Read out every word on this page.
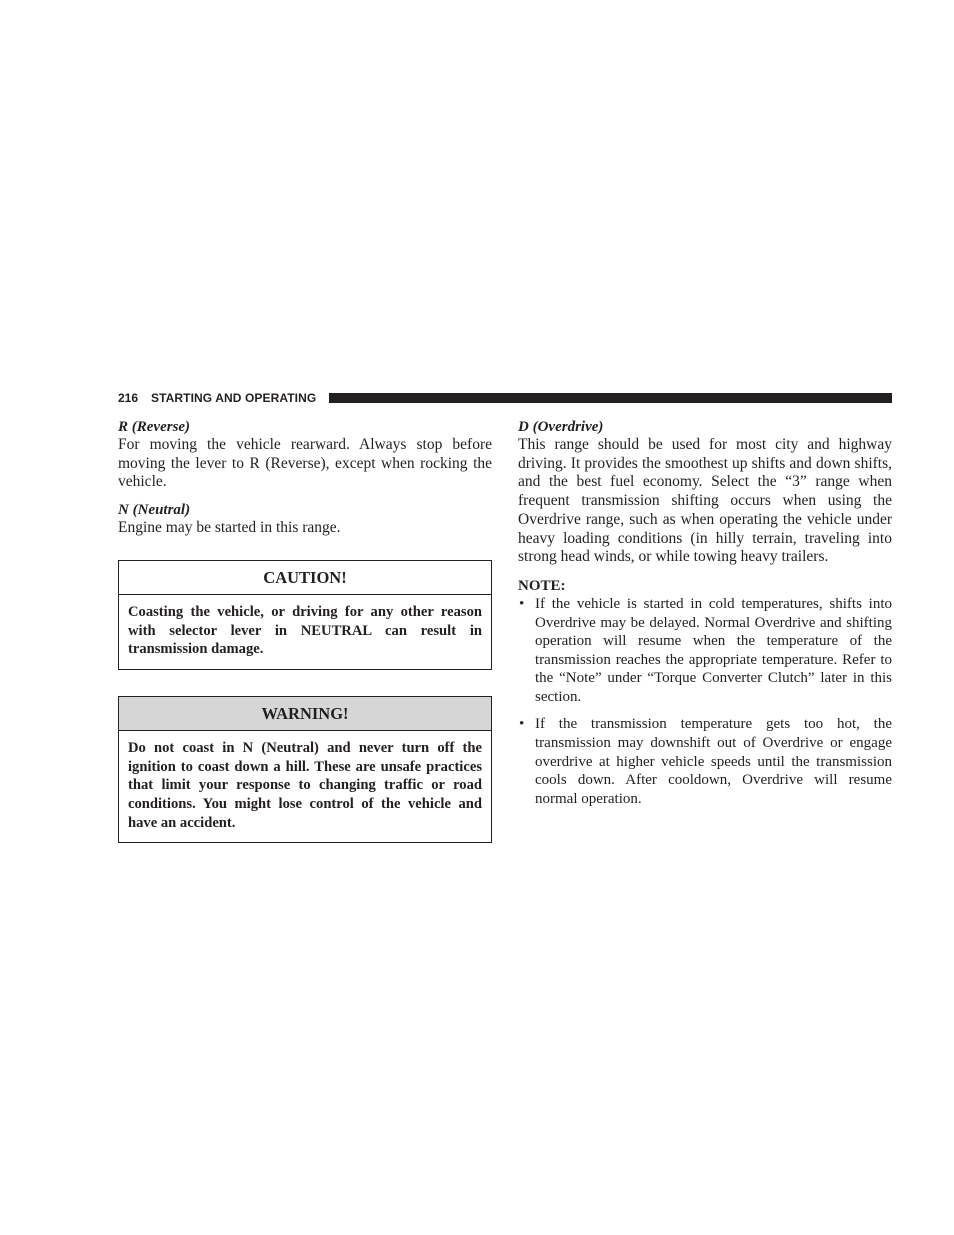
216 STARTING AND OPERATING

R (Reverse)

For moving the vehicle rearward. Always stop before moving the lever to R (Reverse), except when rocking the vehicle.

N (Neutral)

Engine may be started in this range.

CAUTION!
Coasting the vehicle, or driving for any other reason with selector lever in NEUTRAL can result in transmission damage.
WARNING!
Do not coast in N (Neutral) and never turn off the ignition to coast down a hill. These are unsafe practices that limit your response to changing traffic or road conditions. You might lose control of the vehicle and have an accident.

D (Overdrive)

This range should be used for most city and highway driving. It provides the smoothest up shifts and down shifts, and the best fuel economy. Select the “3” range when frequent transmission shifting occurs when using the Overdrive range, such as when operating the vehicle under heavy loading conditions (in hilly terrain, traveling into strong head winds, or while towing heavy trailers.

NOTE:

• If the vehicle is started in cold temperatures, shifts into Overdrive may be delayed. Normal Overdrive and shifting operation will resume when the temperature of the transmission reaches the appropriate temperature. Refer to the “Note” under “Torque Converter Clutch” later in this section.
• If the transmission temperature gets too hot, the transmission may downshift out of Overdrive or engage overdrive at higher vehicle speeds until the transmission cools down. After cooldown, Overdrive will resume normal operation.
